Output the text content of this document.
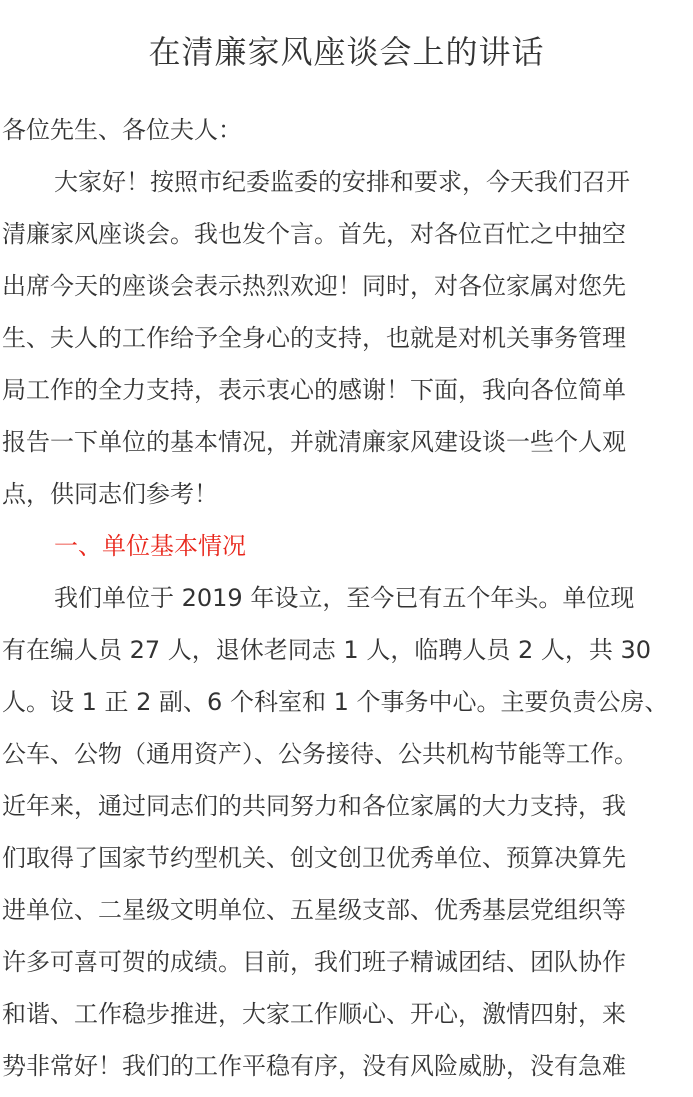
在清廉家风座谈会上的讲话
各位先生、各位夫人：
大家好！按照市纪委监委的安排和要求，今天我们召开
清廉家风座谈会。我也发个言。首先，对各位百忙之中抽空
出席今天的座谈会表示热烈欢迎！同时，对各位家属对您先
生、夫人的工作给予全身心的支持，也就是对机关事务管理
局工作的全力支持，表示衷心的感谢！下面，我向各位简单
报告一下单位的基本情况，并就清廉家风建设谈一些个人观
点，供同志们参考！
一、单位基本情况
我们单位于 2019 年设立，至今已有五个年头。单位现
有在编人员 27 人，退休老同志 1 人，临聘人员 2 人，共 30
人。设 1 正 2 副、6 个科室和 1 个事务中心。主要负责公房、
公车、公物（通用资产）、公务接待、公共机构节能等工作。
近年来，通过同志们的共同努力和各位家属的大力支持，我
们取得了国家节约型机关、创文创卫优秀单位、预算决算先
进单位、二星级文明单位、五星级支部、优秀基层党组织等
许多可喜可贺的成绩。目前，我们班子精诚团结、团队协作
和谐、工作稳步推进，大家工作顺心、开心，激情四射，来
势非常好！我们的工作平稳有序，没有风险威胁，没有急难
